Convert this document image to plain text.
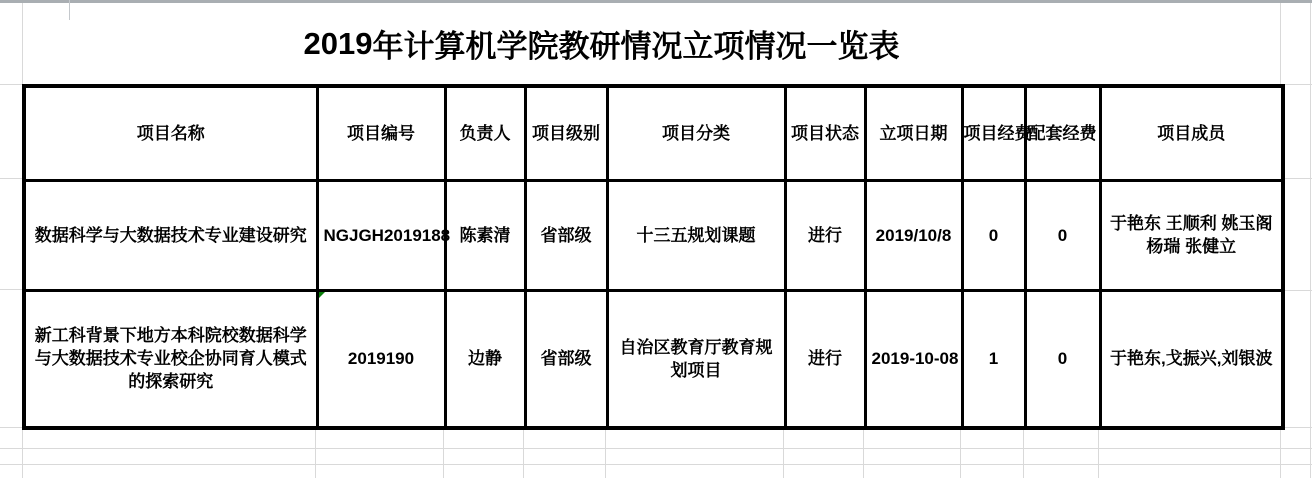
2019 年计算机学院教研情况立项情况一览表
项目名称	项目编号	负责人	项目级别	项目分类	项目状态	立项日期	项目经费	配套经费	项目成员
数据科学与大数据技术专业建设研究	NGJGH2019188	陈素清	省部级	十三五规划课题	进行	2019/10/8	0	0	于艳东 王顺利 姚玉阁 杨瑞 张健立
新工科背景下地方本科院校数据科学与大数据技术专业校企协同育人模式的探索研究	2019190	边静	省部级	自治区教育厅教育规划项目	进行	2019-10-08	1	0	于艳东,戈振兴,刘银波
